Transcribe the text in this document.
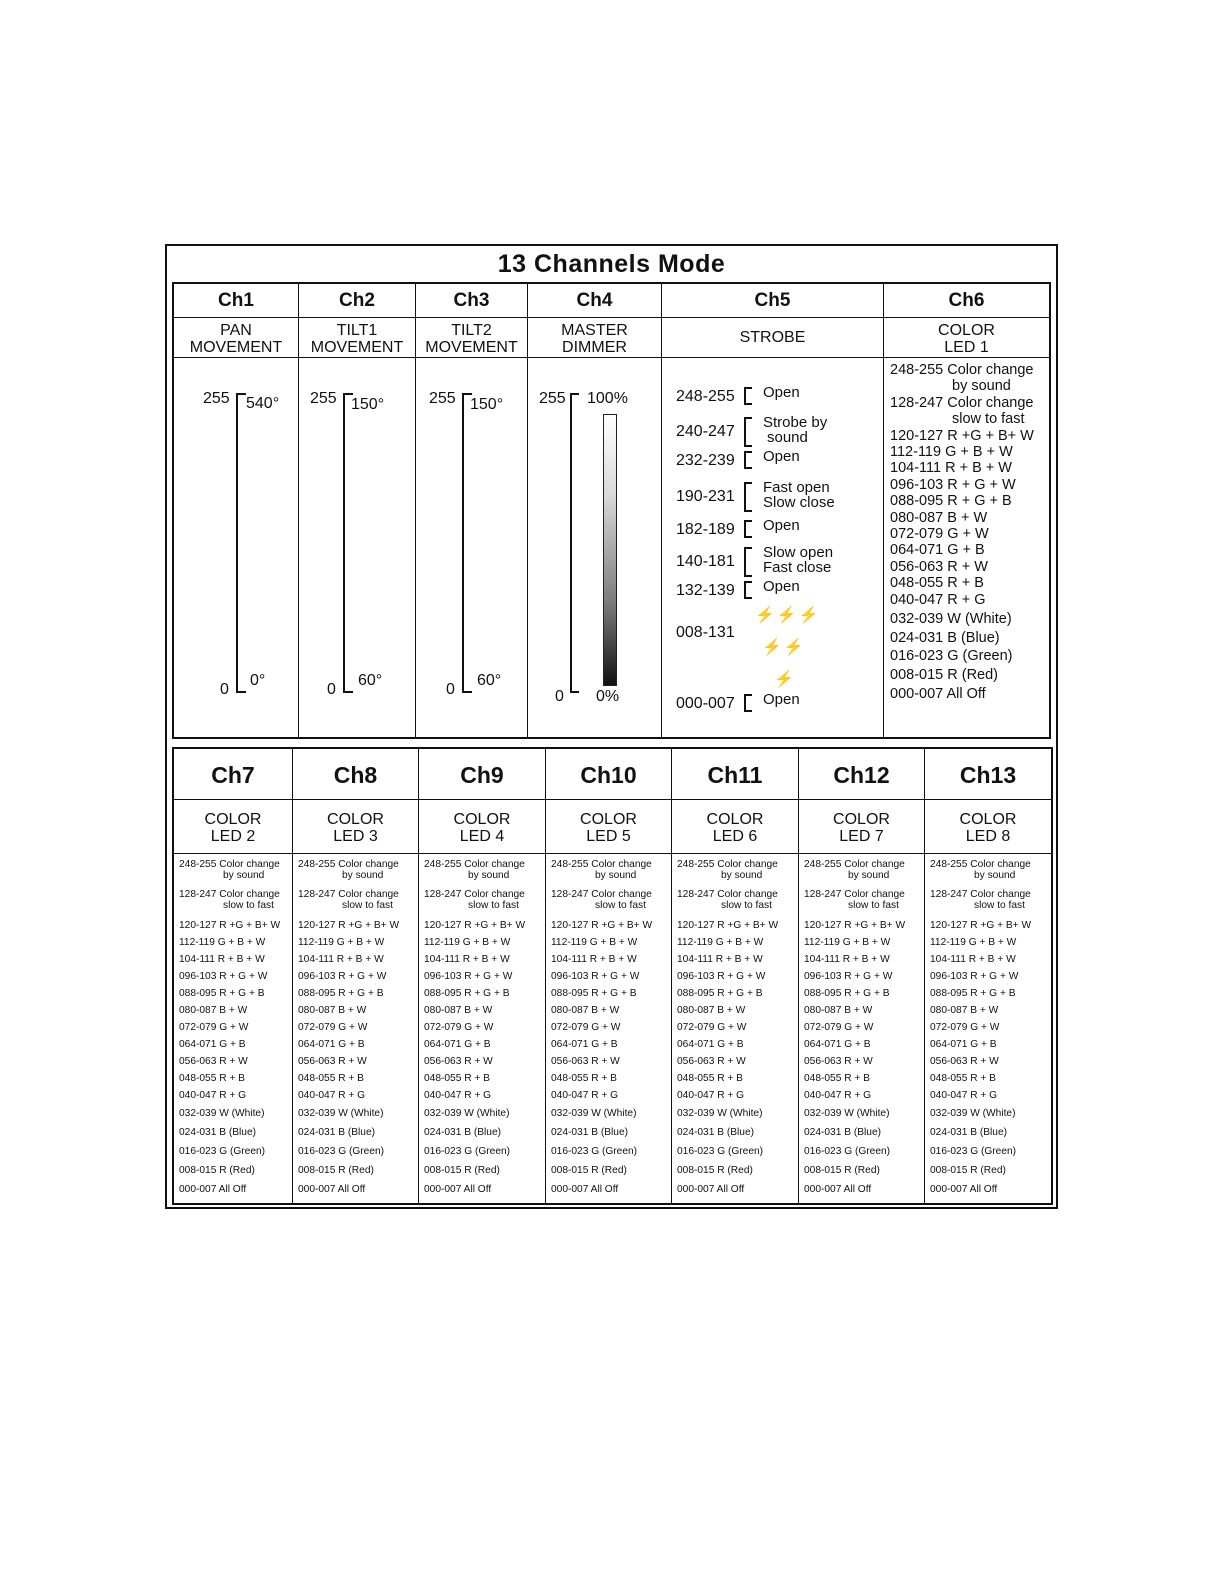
13 Channels Mode
Ch1
PAN
MOVEMENT
255 540°
0
0°
Ch2
TILT1
MOVEMENT
255 150°
0
60°
Ch3
TILT2
MOVEMENT
255 150°
0
60°
Ch4
MASTER
DIMMER
255 100%
0 0%
Ch5
STROBE
248-255 Open
240-247
Strobe by
sound
232-239 Open
190-231
Fast open
Slow close
182-189 Open
140-181
Slow open
Fast close
132-139 Open
008-131
000-007 Open
⚡⚡⚡
⚡⚡
⚡
Ch6
COLOR
LED 1
248-255 Color change
by sound
128-247 Color change
slow to fast
120-127 R +G + B+ W
112-119 G + B + W
104-111 R + B + W
096-103 R + G + W
088-095 R + G + B
080-087 B + W
072-079 G + W
064-071 G + B
056-063 R + W
048-055 R + B
040-047 R + G
032-039 W (White)
024-031 B (Blue)
016-023 G (Green)
008-015 R (Red)
000-007 All Off
Ch7
COLOR
LED 2
248-255 Color change
by sound
128-247 Color change
slow to fast
120-127 R +G + B+ W
112-119 G + B + W
104-111 R + B + W
096-103 R + G + W
088-095 R + G + B
080-087 B + W
072-079 G + W
064-071 G + B
056-063 R + W
048-055 R + B
040-047 R + G
032-039 W (White)
024-031 B (Blue)
016-023 G (Green)
008-015 R (Red)
000-007 All Off
Ch8
COLOR
LED 3
248-255 Color change
by sound
128-247 Color change
slow to fast
120-127 R +G + B+ W
112-119 G + B + W
104-111 R + B + W
096-103 R + G + W
088-095 R + G + B
080-087 B + W
072-079 G + W
064-071 G + B
056-063 R + W
048-055 R + B
040-047 R + G
032-039 W (White)
024-031 B (Blue)
016-023 G (Green)
008-015 R (Red)
000-007 All Off
Ch9
COLOR
LED 4
248-255 Color change
by sound
128-247 Color change
slow to fast
120-127 R +G + B+ W
112-119 G + B + W
104-111 R + B + W
096-103 R + G + W
088-095 R + G + B
080-087 B + W
072-079 G + W
064-071 G + B
056-063 R + W
048-055 R + B
040-047 R + G
032-039 W (White)
024-031 B (Blue)
016-023 G (Green)
008-015 R (Red)
000-007 All Off
Ch10
COLOR
LED 5
248-255 Color change
by sound
128-247 Color change
slow to fast
120-127 R +G + B+ W
112-119 G + B + W
104-111 R + B + W
096-103 R + G + W
088-095 R + G + B
080-087 B + W
072-079 G + W
064-071 G + B
056-063 R + W
048-055 R + B
040-047 R + G
032-039 W (White)
024-031 B (Blue)
016-023 G (Green)
008-015 R (Red)
000-007 All Off
Ch11
COLOR
LED 6
248-255 Color change
by sound
128-247 Color change
slow to fast
120-127 R +G + B+ W
112-119 G + B + W
104-111 R + B + W
096-103 R + G + W
088-095 R + G + B
080-087 B + W
072-079 G + W
064-071 G + B
056-063 R + W
048-055 R + B
040-047 R + G
032-039 W (White)
024-031 B (Blue)
016-023 G (Green)
008-015 R (Red)
000-007 All Off
Ch12
COLOR
LED 7
248-255 Color change
by sound
128-247 Color change
slow to fast
120-127 R +G + B+ W
112-119 G + B + W
104-111 R + B + W
096-103 R + G + W
088-095 R + G + B
080-087 B + W
072-079 G + W
064-071 G + B
056-063 R + W
048-055 R + B
040-047 R + G
032-039 W (White)
024-031 B (Blue)
016-023 G (Green)
008-015 R (Red)
000-007 All Off
Ch13
COLOR
LED 8
248-255 Color change
by sound
128-247 Color change
slow to fast
120-127 R +G + B+ W
112-119 G + B + W
104-111 R + B + W
096-103 R + G + W
088-095 R + G + B
080-087 B + W
072-079 G + W
064-071 G + B
056-063 R + W
048-055 R + B
040-047 R + G
032-039 W (White)
024-031 B (Blue)
016-023 G (Green)
008-015 R (Red)
000-007 All Off
